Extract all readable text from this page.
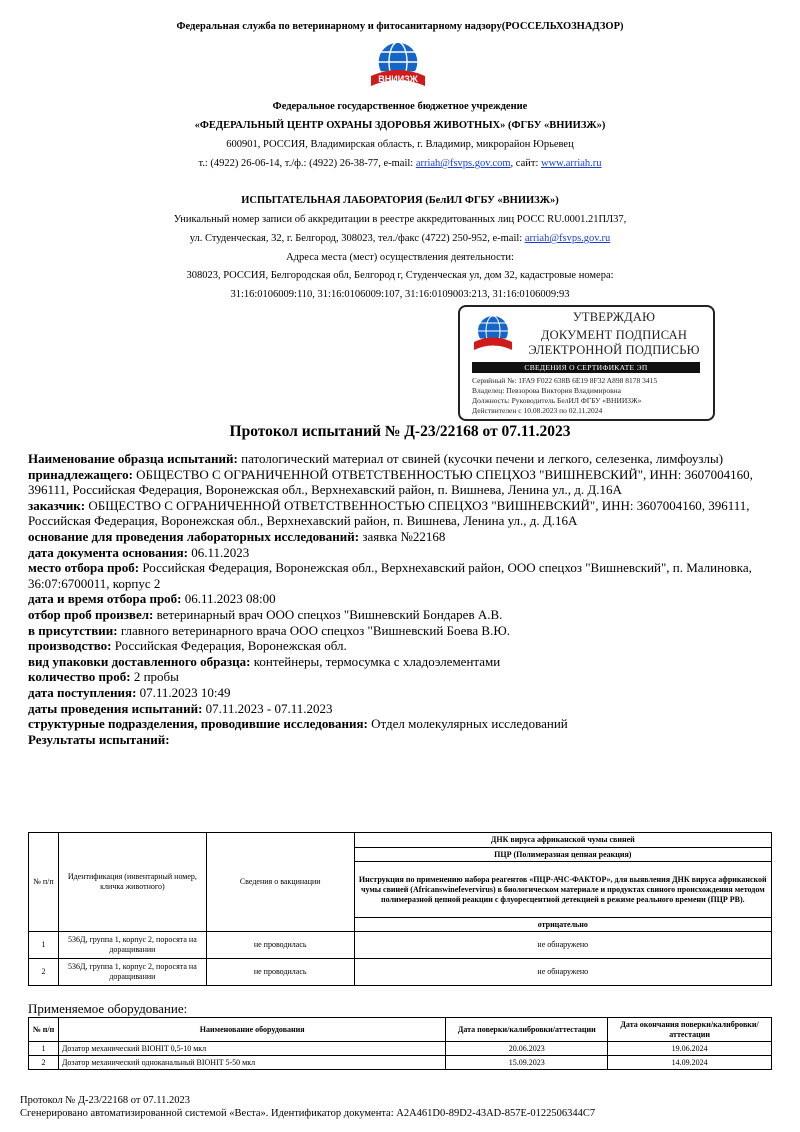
Федеральная служба по ветеринарному и фитосанитарному надзору(РОССЕЛЬХОЗНАДЗОР)
ВНИИЗЖ
Федеральное государственное бюджетное учреждение
«ФЕДЕРАЛЬНЫЙ ЦЕНТР ОХРАНЫ ЗДОРОВЬЯ ЖИВОТНЫХ» (ФГБУ «ВНИИЗЖ»)
600901, РОССИЯ, Владимирская область, г. Владимир, микрорайон Юрьевец
т.: (4922) 26-06-14, т./ф.: (4922) 26-38-77, e-mail: arriah@fsvps.gov.com, сайт: www.arriah.ru
ИСПЫТАТЕЛЬНАЯ ЛАБОРАТОРИЯ (БелИЛ ФГБУ «ВНИИЗЖ»)
Уникальный номер записи об аккредитации в реестре аккредитованных лиц РОСС RU.0001.21ПЛ37,
ул. Студенческая, 32, г. Белгород, 308023, тел./факс (4722) 250-952, e-mail: arriah@fsvps.gov.ru
Адреса места (мест) осуществления деятельности:
308023, РОССИЯ, Белгородская обл, Белгород г, Студенческая ул, дом 32, кадастровые номера:
31:16:0106009:110, 31:16:0106009:107, 31:16:0109003:213, 31:16:0106009:93
УТВЕРЖДАЮ
ДОКУМЕНТ ПОДПИСАН
ЭЛЕКТРОННОЙ ПОДПИСЬЮ
СВЕДЕНИЯ О СЕРТИФИКАТЕ ЭП
Серийный №: 1FA9 F022 638B 6E19 8F32 A898 8178 3415
Владелец: Певзорова Виктория Владимировна
Должность: Руководитель БелИЛ ФГБУ «ВНИИЗЖ»
Действителен с 10.08.2023 по 02.11.2024
Протокол испытаний № Д-23/22168 от 07.11.2023

Наименование образца испытаний: патологический материал от свиней (кусочки печени и легкого, селезенка, лимфоузлы)

принадлежащего: ОБЩЕСТВО С ОГРАНИЧЕННОЙ ОТВЕТСТВЕННОСТЬЮ СПЕЦХОЗ "ВИШНЕВСКИЙ", ИНН: 3607004160, 396111, Российская Федерация, Воронежская обл., Верхнехавский район, п. Вишнева, Ленина ул., д. Д.16А

заказчик: ОБЩЕСТВО С ОГРАНИЧЕННОЙ ОТВЕТСТВЕННОСТЬЮ СПЕЦХОЗ "ВИШНЕВСКИЙ", ИНН: 3607004160, 396111, Российская Федерация, Воронежская обл., Верхнехавский район, п. Вишнева, Ленина ул., д. Д.16А

основание для проведения лабораторных исследований: заявка №22168

дата документа основания: 06.11.2023

место отбора проб: Российская Федерация, Воронежская обл., Верхнехавский район, ООО спецхоз "Вишневский", п. Малиновка, 36:07:6700011, корпус 2

дата и время отбора проб: 06.11.2023 08:00

отбор проб произвел: ветеринарный врач ООО спецхоз "Вишневский Бондарев А.В.

в присутствии: главного ветеринарного врача ООО спецхоз "Вишневский Боева В.Ю.

производство: Российская Федерация, Воронежская обл.

вид упаковки доставленного образца: контейнеры, термосумка с хладоэлементами

количество проб: 2 пробы

дата поступления: 07.11.2023 10:49

даты проведения испытаний: 07.11.2023 - 07.11.2023

структурные подразделения, проводившие исследования: Отдел молекулярных исследований

Результаты испытаний:

№ п/п	Идентификация (инвентарный номер, кличка животного)	Сведения о вакцинации	ДНК вируса африканской чумы свиней
			ПЦР (Полимеразная цепная реакция)
			Инструкция по применению набора реагентов «ПЦР-АЧС-ФАКТОР», для выявления ДНК вируса африканской чумы свиней (Africanswinefevervirus) в биологическом материале и продуктах свиного происхождения методом полимеразной цепной реакции с флуоресцентной детекцией в режиме реального времени (ПЦР РВ).
			отрицательно
1	536Д, группа 1, корпус 2, поросята на доращивании	не проводилась	не обнаружено
2	536Д, группа 1, корпус 2, поросята на доращивании	не проводилась	не обнаружено
Применяемое оборудование:
№ п/п	Наименование оборудования	Дата поверки/калибровки/аттестации	Дата окончания поверки/калибровки/аттестации
1	Дозатор механический BIOHIT 0,5-10 мкл	20.06.2023	19.06.2024
2	Дозатор механический одноканальный BIOHIT 5-50 мкл	15.09.2023	14.09.2024
Протокол № Д-23/22168 от 07.11.2023
Сгенерировано автоматизированной системой «Веста». Идентификатор документа: A2A461D0-89D2-43AD-857E-0122506344C7
